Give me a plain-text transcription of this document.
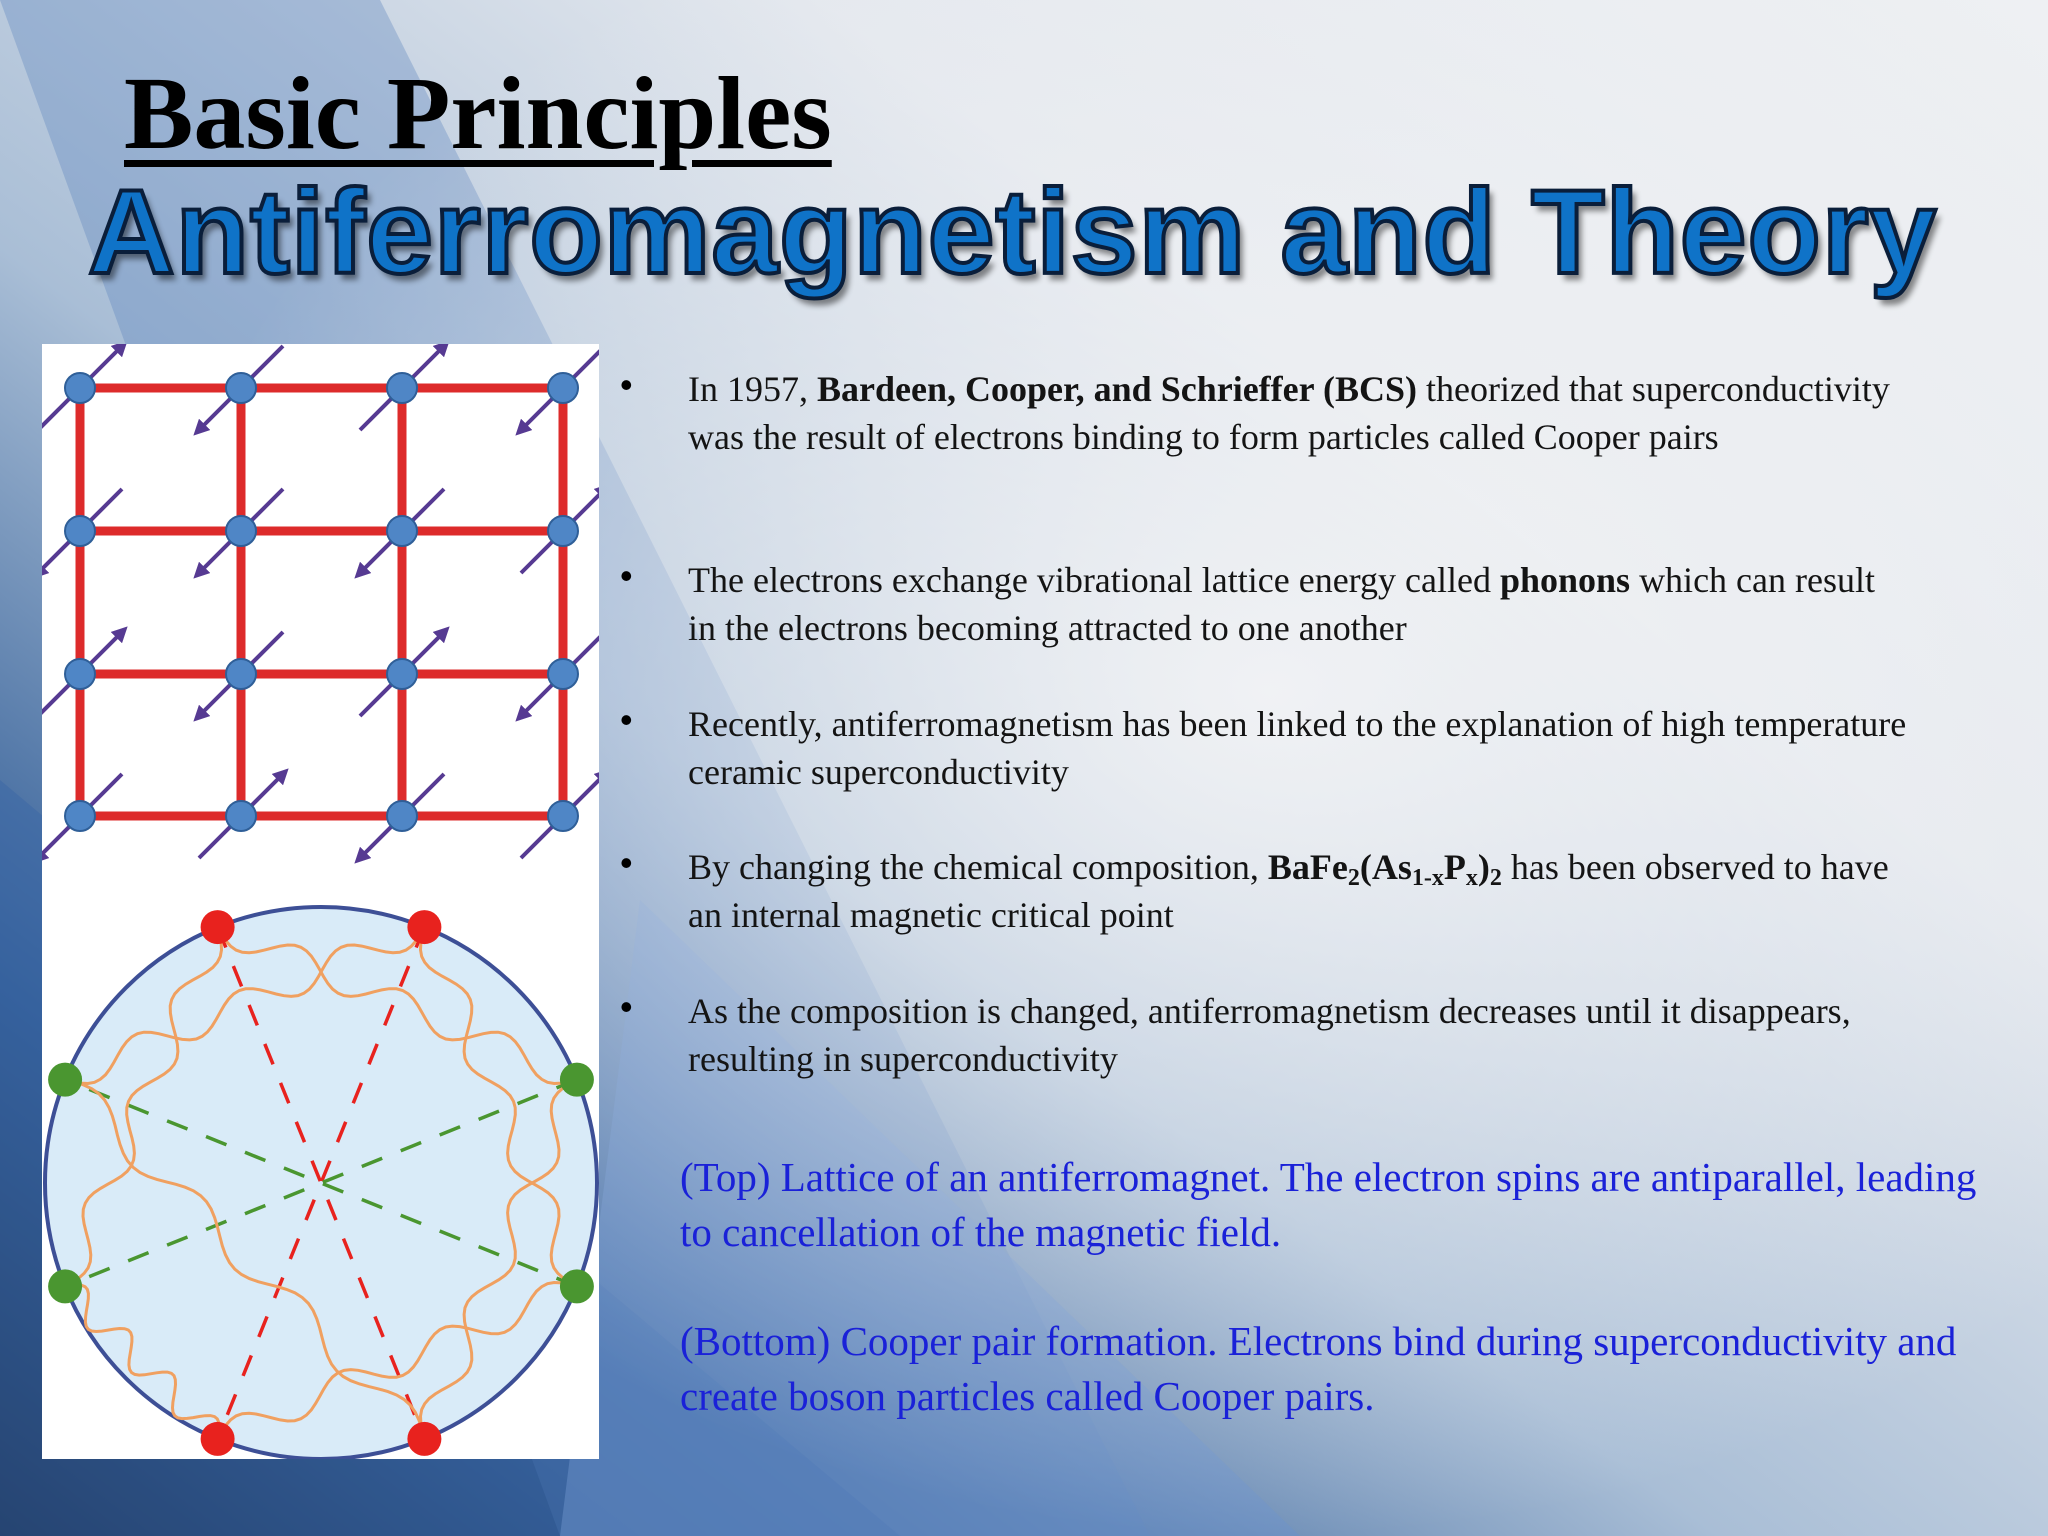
Basic Principles
Antiferromagnetism and Theory
• In 1957, Bardeen, Cooper, and Schrieffer (BCS) theorized that superconductivity was the result of electrons binding to form particles called Cooper pairs
• The electrons exchange vibrational lattice energy called phonons which can result in the electrons becoming attracted to one another
• Recently, antiferromagnetism has been linked to the explanation of high temperature ceramic superconductivity
• By changing the chemical composition, $BaFe_2(As_{1-x}P_x)_2$ has been observed to have an internal magnetic critical point
• As the composition is changed, antiferromagnetism decreases until it disappears, resulting in superconductivity

(Top) Lattice of an antiferromagnet. The electron spins are antiparallel, leading to cancellation of the magnetic field.

(Bottom) Cooper pair formation. Electrons bind during superconductivity and create boson particles called Cooper pairs.
